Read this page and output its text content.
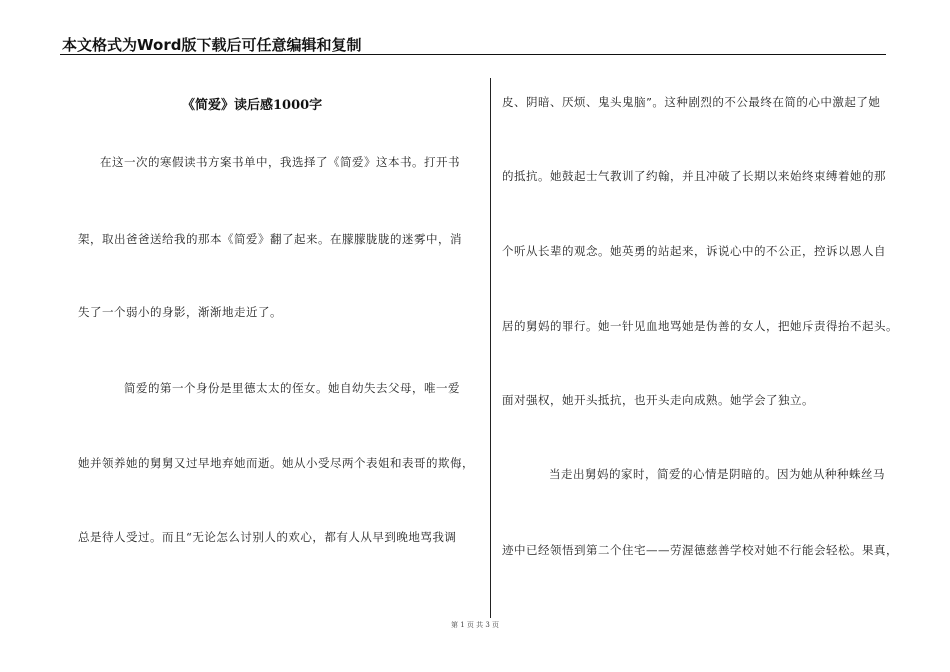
本文格式为Word版下载后可任意编辑和复制
《简爱》读后感1000字
在这一次的寒假读书方案书单中，我选择了《简爱》这本书。打开书
架，取出爸爸送给我的那本《简爱》翻了起来。在朦朦胧胧的迷雾中，消
失了一个弱小的身影，渐渐地走近了。
简爱的第一个身份是里德太太的侄女。她自幼失去父母，唯一爱
她并领养她的舅舅又过早地弃她而逝。她从小受尽两个表姐和表哥的欺侮，
总是待人受过。而且“无论怎么讨别人的欢心，都有人从早到晚地骂我调
皮、阴暗、厌烦、鬼头鬼脑”。这种剧烈的不公最终在简的心中激起了她
的抵抗。她鼓起士气教训了约翰，并且冲破了长期以来始终束缚着她的那
个听从长辈的观念。她英勇的站起来，诉说心中的不公正，控诉以恩人自
居的舅妈的罪行。她一针见血地骂她是伪善的女人，把她斥责得抬不起头。
面对强权，她开头抵抗，也开头走向成熟。她学会了独立。
当走出舅妈的家时，简爱的心情是阴暗的。因为她从种种蛛丝马
迹中已经领悟到第二个住宅——劳渥德慈善学校对她不行能会轻松。果真，
第 1 页 共 3 页
